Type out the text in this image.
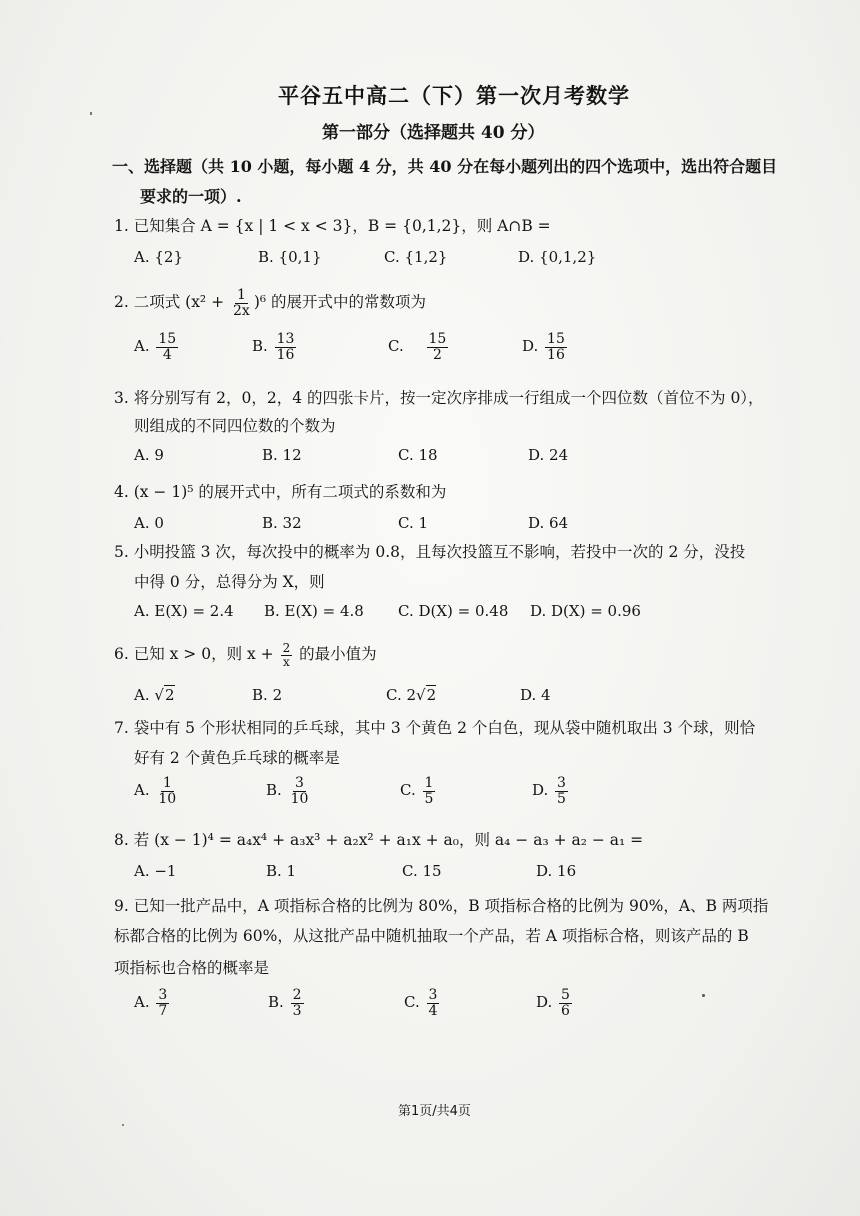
平谷五中高二（下）第一次月考数学
第一部分（选择题共 40 分）
一、选择题（共 10 小题，每小题 4 分，共 40 分在每小题列出的四个选项中，选出符合题目
要求的一项）.
1. 已知集合 A = {x | 1 < x < 3}，B = {0,1,2}，则 A∩B =
A. {2}	B. {0,1}	C. {1,2}	D. {0,1,2}
2. 二项式 $(x^2 + \frac{1}{2x} )^6$ 的展开式中的常数项为
A. $\frac{15}{4}$	B. $\frac{13}{16}$	C. $\frac{15}{2}$	D. $\frac{15}{16}$
3. 将分别写有 2，0，2，4 的四张卡片，按一定次序排成一行组成一个四位数（首位不为 0），
则组成的不同四位数的个数为
A. 9	B. 12	C. 18	D. 24
4. (x − 1)⁵ 的展开式中，所有二项式的系数和为
A. 0	B. 32	C. 1	D. 64
5. 小明投篮 3 次，每次投中的概率为 0.8，且每次投篮互不影响，若投中一次的 2 分，没投
中得 0 分，总得分为 X，则
A. E(X) = 2.4 B. E(X) = 4.8 C. D(X) = 0.48 D. D(X) = 0.96
6. 已知 x > 0，则 $x + \frac{2}{x}$ 的最小值为
A. √2	B. 2	C. 2√2	D. 4
7. 袋中有 5 个形状相同的乒乓球，其中 3 个黄色 2 个白色，现从袋中随机取出 3 个球，则恰
好有 2 个黄色乒乓球的概率是
A. $\frac{1}{10}$	B. $\frac{3}{10}$	C. $\frac{1}{5}$	D. $\frac{3}{5}$
8. 若 (x − 1)⁴ = a₄x⁴ + a₃x³ + a₂x² + a₁x + a₀，则 a₄ − a₃ + a₂ − a₁ =
A. −1	B. 1	C. 15	D. 16
9. 已知一批产品中，A 项指标合格的比例为 80%，B 项指标合格的比例为 90%，A、B 两项指
标都合格的比例为 60%，从这批产品中随机抽取一个产品，若 A 项指标合格，则该产品的 B
项指标也合格的概率是
A. $\frac{3}{7}$	B. $\frac{2}{3}$	C. $\frac{3}{4}$	D. $\frac{5}{6}$
第1页/共4页
